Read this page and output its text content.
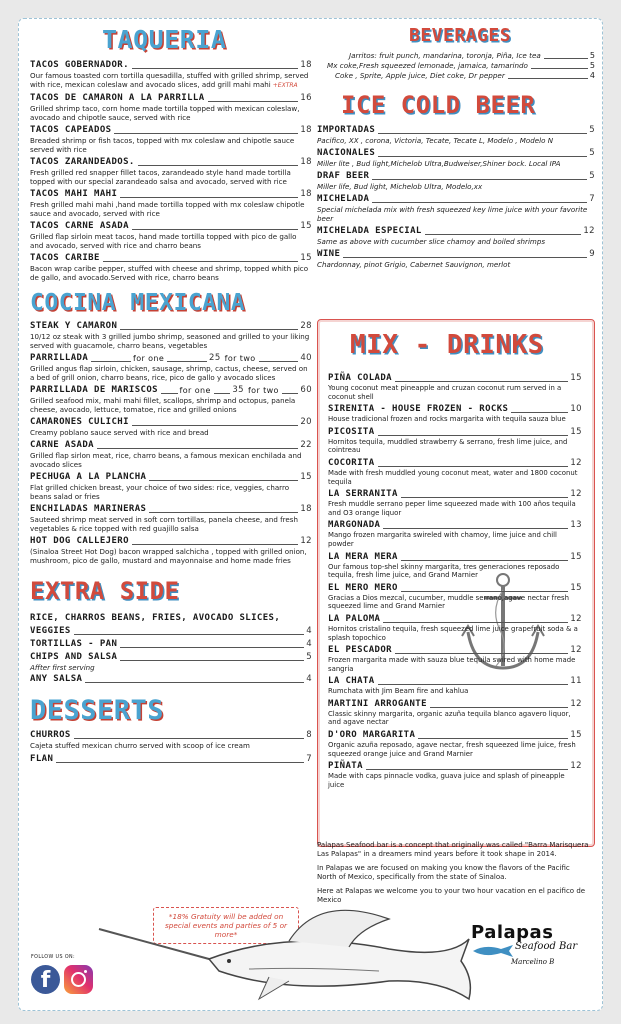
TAQUERIA
TACOS GOBERNADOR.	18
Our famous toasted corn tortilla quesadilla, stuffed with grilled shrimp, served with rice, mexican coleslaw and avocado slices, add grill mahi mahi +EXTRA
TACOS DE CAMARON A LA PARRILLA	16
Grilled shrimp taco, corn home made tortilla topped with mexican coleslaw, avocado and chipotle sauce, served with rice
TACOS CAPEADOS	18
Breaded shrimp or fish tacos, topped with mx coleslaw and chipotle sauce served with rice
TACOS ZARANDEADOS.	18
Fresh grilled red snapper fillet tacos, zarandeado style hand made tortilla topped with our special zarandeado salsa and avocado, served with rice
TACOS MAHI MAHI	18
Fresh grilled mahi mahi ,hand made tortilla topped with mx coleslaw chipotle sauce and avocado, served with rice
TACOS CARNE ASADA	15
Grilled flap sirloin meat tacos, hand made tortilla topped with pico de gallo and avocado, served with rice and charro beans
TACOS CARIBE	15
Bacon wrap caribe pepper, stuffed with cheese and shrimp, topped whith pico de gallo, and avocado.Served with rice, charro beans
COCINA MEXICANA
STEAK Y CAMARON	28
10/12 oz steak with 3 grilled jumbo shrimp, seasoned and grilled to your liking served with guacamole, charro beans, vegetables
PARRILLADA	for one	25 for two	40
Grilled angus flap sirloin, chicken, sausage, shrimp, cactus, cheese, served on a bed of grill onion, charro beans, rice, pico de gallo y avocado slices
PARRILLADA DE MARISCOS	for one	35 for two	60
Grilled seafood mix, mahi mahi fillet, scallops, shrimp and octopus, panela cheese, avocado, lettuce, tomatoe, rice and grilled onions
CAMARONES CULICHI	20
Creamy poblano sauce served with rice and bread
CARNE ASADA	22
Grilled flap sirlon meat, rice, charro beans, a famous mexican enchilada and avocado slices
PECHUGA A LA PLANCHA	15
Flat grilled chicken breast, your choice of two sides: rice, veggies, charro beans salad or fries
ENCHILADAS MARINERAS	18
Sauteed shrimp meat served in soft corn tortillas, panela cheese, and fresh vegetables & rice topped with red guajillo salsa
HOT DOG CALLEJERO	12
(Sinaloa Street Hot Dog) bacon wrapped salchicha , topped with grilled onion, mushroom, pico de gallo, mustard and mayonnaise and home made fries
EXTRA SIDE
RICE, CHARROS BEANS, FRIES, AVOCADO SLICES,
VEGGIES	4
TORTILLAS - PAN	4
CHIPS AND SALSA	5
Affter first serving
ANY SALSA	4
DESSERTS
CHURROS	8
Cajeta stuffed mexican churro served with scoop of ice cream
FLAN	7
BEVERAGES
Jarritos: fruit punch, mandarina, toronja, Piña, Ice tea	5
Mx coke,Fresh squeezed lemonade, jamaica, tamarindo	5
Coke , Sprite, Apple juice, Diet coke, Dr pepper	4
ICE COLD BEER
IMPORTADAS	5
Pacifico, XX , corona, Victoria, Tecate, Tecate L, Modelo , Modelo N
NACIONALES	5
Miller lite , Bud light,Michelob Ultra,Budweiser,Shiner bock. Local IPA
DRAF BEER	5
Miller life, Bud light, Michelob Ultra, Modelo,xx
MICHELADA	7
Special michelada mix with fresh squeezed key lime juice with your favorite beer
MICHELADA ESPECIAL	12
Same as above with cucumber slice chamoy and boiled shrimps
WINE	9
Chardonnay, pinot Grigio, Cabernet Sauvignon, merlot
MIX - DRINKS
PIÑA COLADA	15
Young coconut meat pineapple and cruzan coconut rum served in a coconut shell
SIRENITA - HOUSE FROZEN - ROCKS	10
House tradicional frozen and rocks margarita with tequila sauza blue
PICOSITA	15
Hornitos tequila, muddled strawberry & serrano, fresh lime juice, and cointreau
COCORITA	12
Made with fresh muddled young coconut meat, water and 1800 coconut tequila
LA SERRANITA	12
Fresh muddle serrano peper lime squeezed made with 100 años tequila and O3 orange liquor
MARGONADA	13
Mango frozen margarita swireled with chamoy, lime juice and chill powder
LA MERA MERA	15
Our famous top-shel skinny margarita, tres generaciones reposado tequila, fresh lime juice, and Grand Marnier
EL MERO MERO	15
Gracias a Dios mezcal, cucumber, muddle serrano,agave nectar fresh squeezed lime and Grand Marnier
LA PALOMA	12
Hornitos cristalino tequila, fresh squeezed lime juice grapefruit soda & a splash topochico
EL PESCADOR	12
Frozen margarita made with sauza blue tequila swired with home made sangria
LA CHATA	11
Rumchata with Jim Beam fire and kahlua
MARTINI ARROGANTE	12
Classic skinny margarita, organic azuña tequila blanco agavero liquor, and agave nectar
D'ORO MARGARITA	15
Organic azuña reposado, agave nectar, fresh squeezed lime juice, fresh squeezed orange juice and Grand Marnier
PIÑATA	12
Made with caps pinnacle vodka, guava juice and splash of pineapple juice

Palapas Seafood bar is a concept that originally was called "Barra Marisquera Las Palapas" in a dreamers mind years before it took shape in 2014.

In Palapas we are focused on making you know the flavors of the Pacific North of Mexico, specifically from the state of Sinaloa.

Here at Palapas we welcome you to your two hour vacation en el pacifico de Mexico

*18% Gratuity will be added on special events and parties of 5 or more*
FOLLOW US ON:
f
Palapas
Seafood Bar
Marcelino B
